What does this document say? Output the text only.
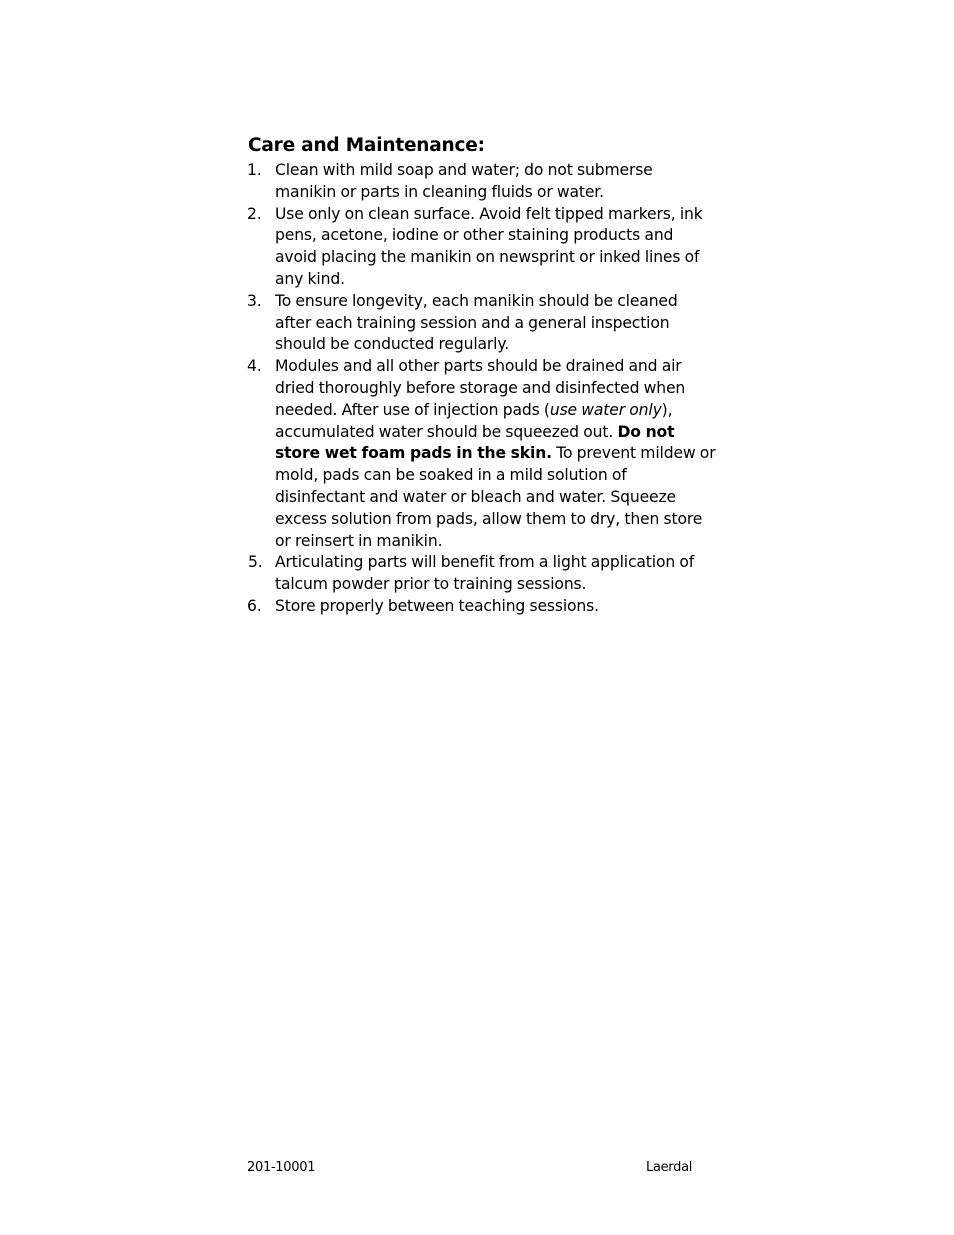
Care and Maintenance:
1. Clean with mild soap and water; do not submerse manikin or parts in cleaning fluids or water.
2. Use only on clean surface. Avoid felt tipped markers, ink pens, acetone, iodine or other staining products and avoid placing the manikin on newsprint or inked lines of any kind.
3. To ensure longevity, each manikin should be cleaned after each training session and a general inspection should be conducted regularly.
4. Modules and all other parts should be drained and air dried thoroughly before storage and disinfected when needed. After use of injection pads (use water only), accumulated water should be squeezed out. Do not store wet foam pads in the skin. To prevent mildew or mold, pads can be soaked in a mild solution of disinfectant and water or bleach and water. Squeeze excess solution from pads, allow them to dry, then store or reinsert in manikin.
5. Articulating parts will benefit from a light application of talcum powder prior to training sessions.
6. Store properly between teaching sessions.
201-10001	Laerdal
